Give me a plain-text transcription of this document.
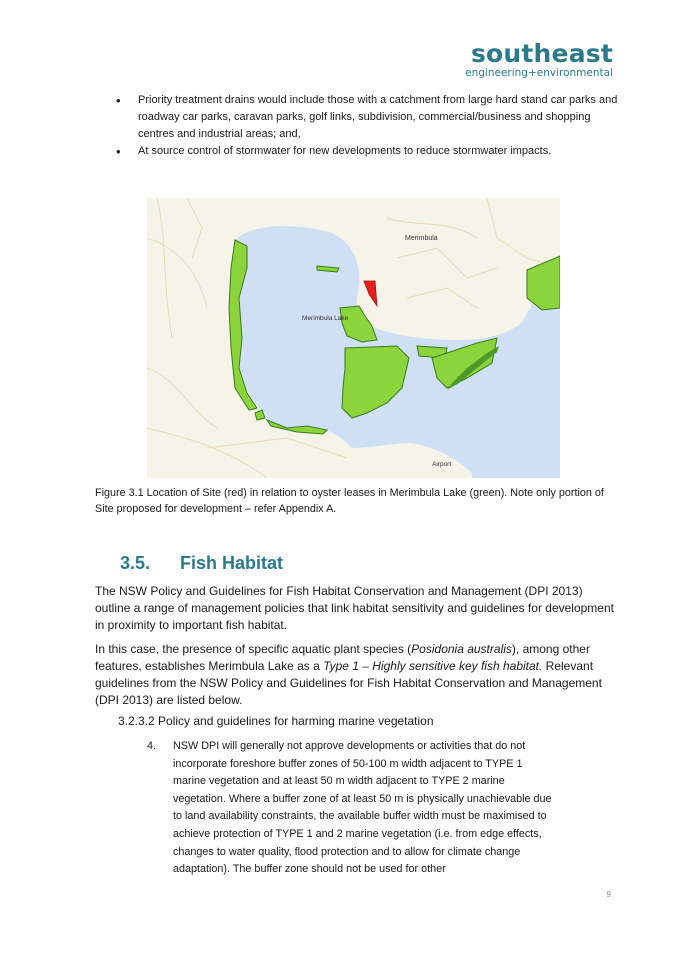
southeast
engineering+environmental
• Priority treatment drains would include those with a catchment from large hard stand car parks and roadway car parks, caravan parks, golf links, subdivision, commercial/business and shopping centres and industrial areas; and,
• At source control of stormwater for new developments to reduce stormwater impacts.
Merimbula
Merimbula Lake
Airport
Figure 3.1 Location of Site (red) in relation to oyster leases in Merimbula Lake (green). Note only portion of Site proposed for development – refer Appendix A.
3.5. Fish Habitat

The NSW Policy and Guidelines for Fish Habitat Conservation and Management (DPI 2013) outline a range of management policies that link habitat sensitivity and guidelines for development in proximity to important fish habitat.

In this case, the presence of specific aquatic plant species (Posidonia australis), among other features, establishes Merimbula Lake as a Type 1 – Highly sensitive key fish habitat. Relevant guidelines from the NSW Policy and Guidelines for Fish Habitat Conservation and Management (DPI 2013) are listed below.

3.2.3.2 Policy and guidelines for harming marine vegetation
4.	NSW DPI will generally not approve developments or activities that do not incorporate foreshore buffer zones of 50-100 m width adjacent to TYPE 1 marine vegetation and at least 50 m width adjacent to TYPE 2 marine vegetation. Where a buffer zone of at least 50 m is physically unachievable due to land availability constraints, the available buffer width must be maximised to achieve protection of TYPE 1 and 2 marine vegetation (i.e. from edge effects, changes to water quality, flood protection and to allow for climate change adaptation). The buffer zone should not be used for other
9
